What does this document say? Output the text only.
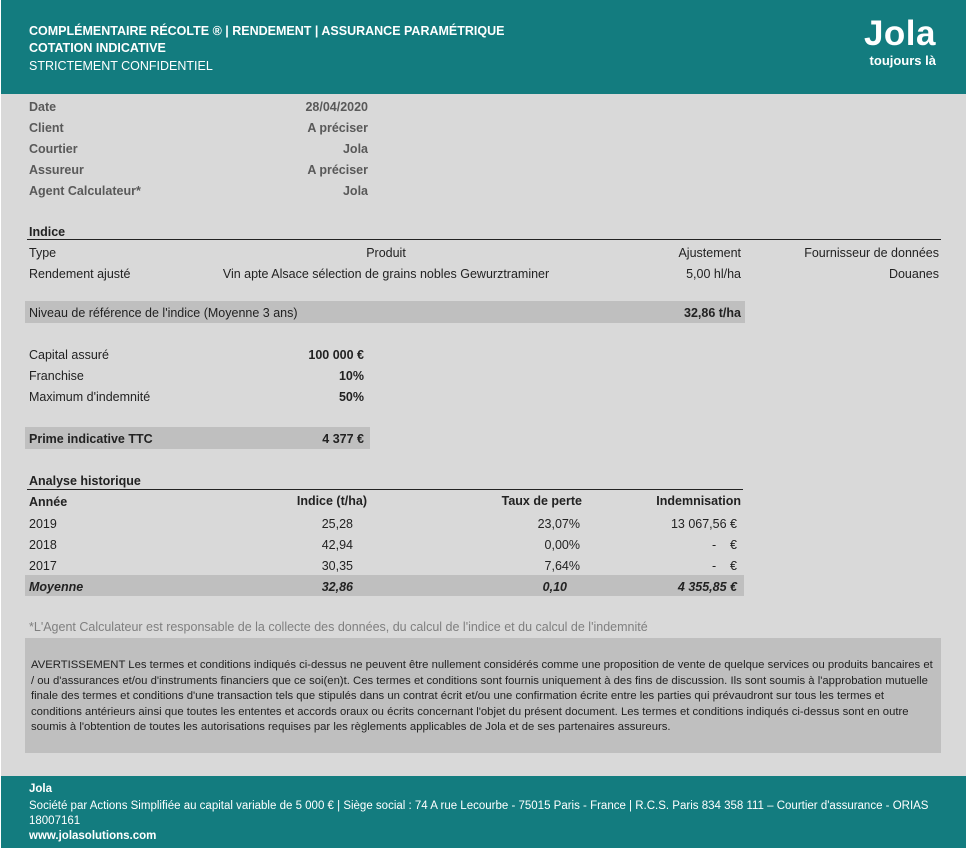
COMPLÉMENTAIRE RÉCOLTE ® | RENDEMENT | ASSURANCE PARAMÉTRIQUE
COTATION INDICATIVE
STRICTEMENT CONFIDENTIEL
Jola
toujours là
Date	28/04/2020
Client	A préciser
Courtier	Jola
Assureur	A préciser
Agent Calculateur*	Jola
Indice
Type	Produit	Ajustement	Fournisseur de données
Rendement ajusté	Vin apte Alsace sélection de grains nobles Gewurztraminer	5,00 hl/ha	Douanes
Niveau de référence de l'indice (Moyenne 3 ans)	32,86 t/ha
Capital assuré	100 000 €
Franchise	10%
Maximum d'indemnité	50%
Prime indicative TTC	4 377 €
Analyse historique
Année	Indice (t/ha)	Taux de perte	Indemnisation
2019	25,28	23,07%	13 067,56 €
2018	42,94	0,00%	-    €
2017	30,35	7,64%	-    €
Moyenne	32,86	0,10	4 355,85 €
*L'Agent Calculateur est responsable de la collecte des données, du calcul de l'indice et du calcul de l'indemnité
AVERTISSEMENT Les termes et conditions indiqués ci-dessus ne peuvent être nullement considérés comme une proposition de vente de quelque services ou produits bancaires et / ou d'assurances et/ou d'instruments financiers que ce soi(en)t. Ces termes et conditions sont fournis uniquement à des fins de discussion. Ils sont soumis à l'approbation mutuelle finale des termes et conditions d'une transaction tels que stipulés dans un contrat écrit et/ou une confirmation écrite entre les parties qui prévaudront sur tous les termes et conditions antérieurs ainsi que toutes les ententes et accords oraux ou écrits concernant l'objet du présent document. Les termes et conditions indiqués ci-dessus sont en outre soumis à l'obtention de toutes les autorisations requises par les règlements applicables de Jola et de ses partenaires assureurs.
Jola
Société par Actions Simplifiée au capital variable de 5 000 € | Siège social : 74 A rue Lecourbe - 75015 Paris - France | R.C.S. Paris 834 358 111 – Courtier d'assurance - ORIAS
18007161
www.jolasolutions.com
